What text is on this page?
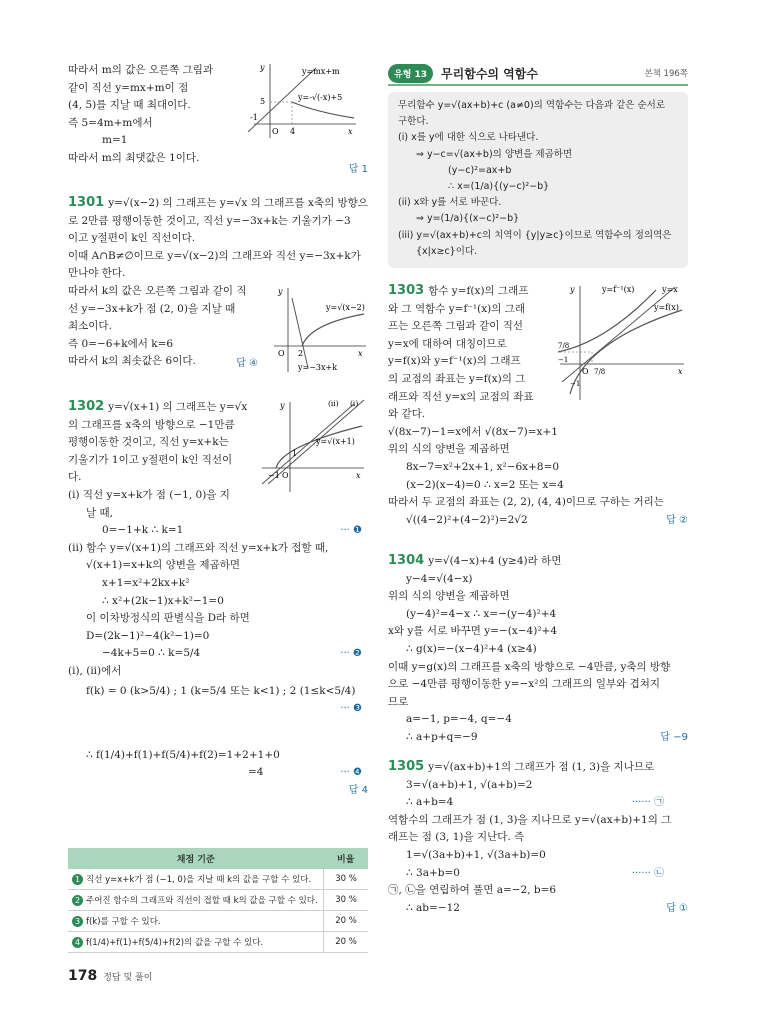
따라서 m의 값은 오른쪽 그림과
같이 직선 y=mx+m이 점
(4, 5)를 지날 때 최대이다.
즉 5=4m+m에서
m=1
따라서 m의 최댓값은 1이다.
답 1
y	y=mx+m
5	y=-√(-x)+5
-1
O 4	x
1301 y=√(x−2) 의 그래프는 y=√x 의 그래프를 x축의 방향으
로 2만큼 평행이동한 것이고, 직선 y=−3x+k는 기울기가 −3
이고 y절편이 k인 직선이다.
이때 A∩B≠∅이므로 y=√(x−2)의 그래프와 직선 y=−3x+k가
만나야 한다.
따라서 k의 값은 오른쪽 그림과 같이 직
선 y=−3x+k가 점 (2, 0)을 지날 때
최소이다.
즉 0=−6+k에서 k=6
따라서 k의 최솟값은 6이다.	답 ④
y
y=√(x−2)
O 2	x
y=−3x+k
1302 y=√(x+1) 의 그래프는 y=√x
의 그래프를 x축의 방향으로 −1만큼
평행이동한 것이고, 직선 y=x+k는
기울기가 1이고 y절편이 k인 직선이
다.
(i) 직선 y=x+k가 점 (−1, 0)을 지
날 때,
0=−1+k ∴ k=1	··· ❶
(ii) 함수 y=√(x+1)의 그래프와 직선 y=x+k가 접할 때,
√(x+1)=x+k의 양변을 제곱하면
x+1=x²+2kx+k²
∴ x²+(2k−1)x+k²−1=0
이 이차방정식의 판별식을 D라 하면
D=(2k−1)²−4(k²−1)=0
−4k+5=0 ∴ k=5/4	··· ❷
(i), (ii)에서
f(k) = 0 (k>5/4) ; 1 (k=5/4 또는 k<1) ; 2 (1≤k<5/4)
··· ❸
∴ f(1/4)+f(1)+f(5/4)+f(2)=1+2+1+0
=4	··· ❹
답 4
y	(ii) (i)
y=√(x+1)
1
−1 O	x
채점 기준	비율
1 직선 y=x+k가 점 (−1, 0)을 지날 때 k의 값을 구할 수 있다.	30 %
2 주어진 함수의 그래프와 직선이 접할 때 k의 값을 구할 수 있다.	30 %
3 f(k)를 구할 수 있다.	20 %
4 f(1/4)+f(1)+f(5/4)+f(2)의 값을 구할 수 있다.	20 %
유형 13	무리함수의 역함수	본책 196쪽
무리함수 y=√(ax+b)+c (a≠0)의 역함수는 다음과 같은 순서로
구한다.
(i) x를 y에 대한 식으로 나타낸다.
⇒ y−c=√(ax+b)의 양변을 제곱하면
(y−c)²=ax+b
∴ x=(1/a){(y−c)²−b}
(ii) x와 y를 서로 바꾼다.
⇒ y=(1/a){(x−c)²−b}
(iii) y=√(ax+b)+c의 치역이 {y|y≥c}이므로 역함수의 정의역은
{x|x≥c}이다.
1303 함수 y=f(x)의 그래프
와 그 역함수 y=f⁻¹(x)의 그래
프는 오른쪽 그림과 같이 직선
y=x에 대하여 대칭이므로
y=f(x)와 y=f⁻¹(x)의 그래프
의 교점의 좌표는 y=f(x)의 그
래프와 직선 y=x의 교점의 좌표
와 같다.
√(8x−7)−1=x에서 √(8x−7)=x+1
위의 식의 양변을 제곱하면
8x−7=x²+2x+1, x²−6x+8=0
(x−2)(x−4)=0 ∴ x=2 또는 x=4
따라서 두 교점의 좌표는 (2, 2), (4, 4)이므로 구하는 거리는
√((4−2)²+(4−2)²)=2√2	답 ②
y	y=f⁻¹(x)	y=x
y=f(x)
7/8
−1
O 7/8	x
−1
1304 y=√(4−x)+4 (y≥4)라 하면
y−4=√(4−x)
위의 식의 양변을 제곱하면
(y−4)²=4−x ∴ x=−(y−4)²+4
x와 y를 서로 바꾸면 y=−(x−4)²+4
∴ g(x)=−(x−4)²+4 (x≥4)
이때 y=g(x)의 그래프를 x축의 방향으로 −4만큼, y축의 방향
으로 −4만큼 평행이동한 y=−x²의 그래프의 일부와 겹쳐지
므로
a=−1, p=−4, q=−4
∴ a+p+q=−9	답 −9
1305 y=√(ax+b)+1의 그래프가 점 (1, 3)을 지나므로
3=√(a+b)+1, √(a+b)=2
∴ a+b=4	······ ㉠
역함수의 그래프가 점 (1, 3)을 지나므로 y=√(ax+b)+1의 그
래프는 점 (3, 1)을 지난다. 즉
1=√(3a+b)+1, √(3a+b)=0
∴ 3a+b=0	······ ㉡
㉠, ㉡을 연립하여 풀면 a=−2, b=6
∴ ab=−12	답 ①
178 정답 및 풀이
